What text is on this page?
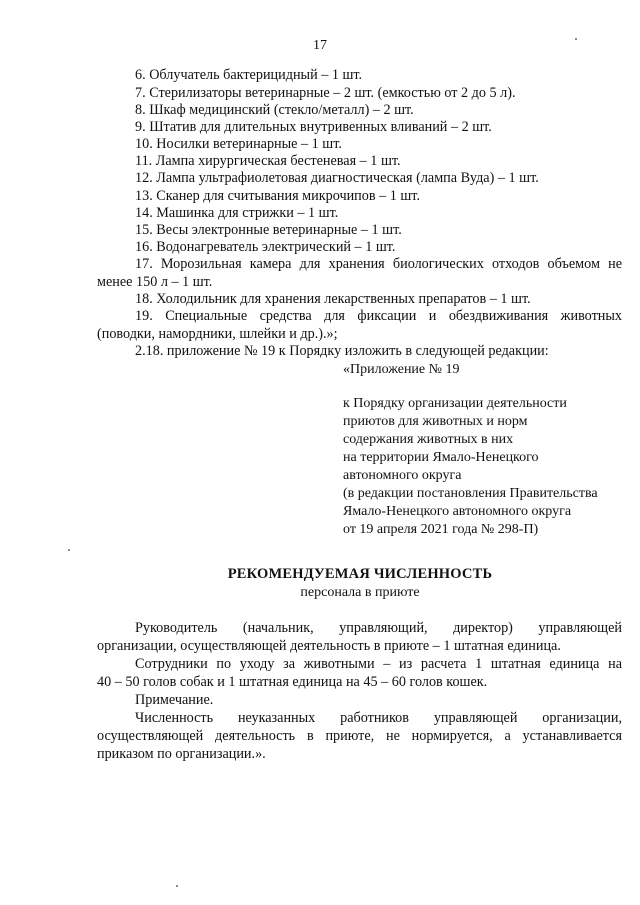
17
6. Облучатель бактерицидный – 1 шт.
7. Стерилизаторы ветеринарные – 2 шт. (емкостью от 2 до 5 л).
8. Шкаф медицинский (стекло/металл) – 2 шт.
9. Штатив для длительных внутривенных вливаний – 2 шт.
10. Носилки ветеринарные – 1 шт.
11. Лампа хирургическая бестеневая – 1 шт.
12. Лампа ультрафиолетовая диагностическая (лампа Вуда) – 1 шт.
13. Сканер для считывания микрочипов – 1 шт.
14. Машинка для стрижки – 1 шт.
15. Весы электронные ветеринарные – 1 шт.
16. Водонагреватель электрический – 1 шт.
17. Морозильная камера для хранения биологических отходов объемом не
менее 150 л – 1 шт.
18. Холодильник для хранения лекарственных препаратов – 1 шт.
19. Специальные средства для фиксации и обездвиживания животных
(поводки, намордники, шлейки и др.).»;
2.18. приложение № 19 к Порядку изложить в следующей редакции:
«Приложение № 19
к Порядку организации деятельности
приютов для животных и норм
содержания животных в них
на территории Ямало-Ненецкого
автономного округа
(в редакции постановления Правительства
Ямало-Ненецкого автономного округа
от 19 апреля 2021 года № 298-П)
РЕКОМЕНДУЕМАЯ ЧИСЛЕННОСТЬ
персонала в приюте
Руководитель (начальник, управляющий, директор) управляющей
организации, осуществляющей деятельность в приюте – 1 штатная единица.
Сотрудники по уходу за животными – из расчета 1 штатная единица на
40 – 50 голов собак и 1 штатная единица на 45 – 60 голов кошек.
Примечание.
Численность неуказанных работников управляющей организации,
осуществляющей деятельность в приюте, не нормируется, а устанавливается
приказом по организации.».
